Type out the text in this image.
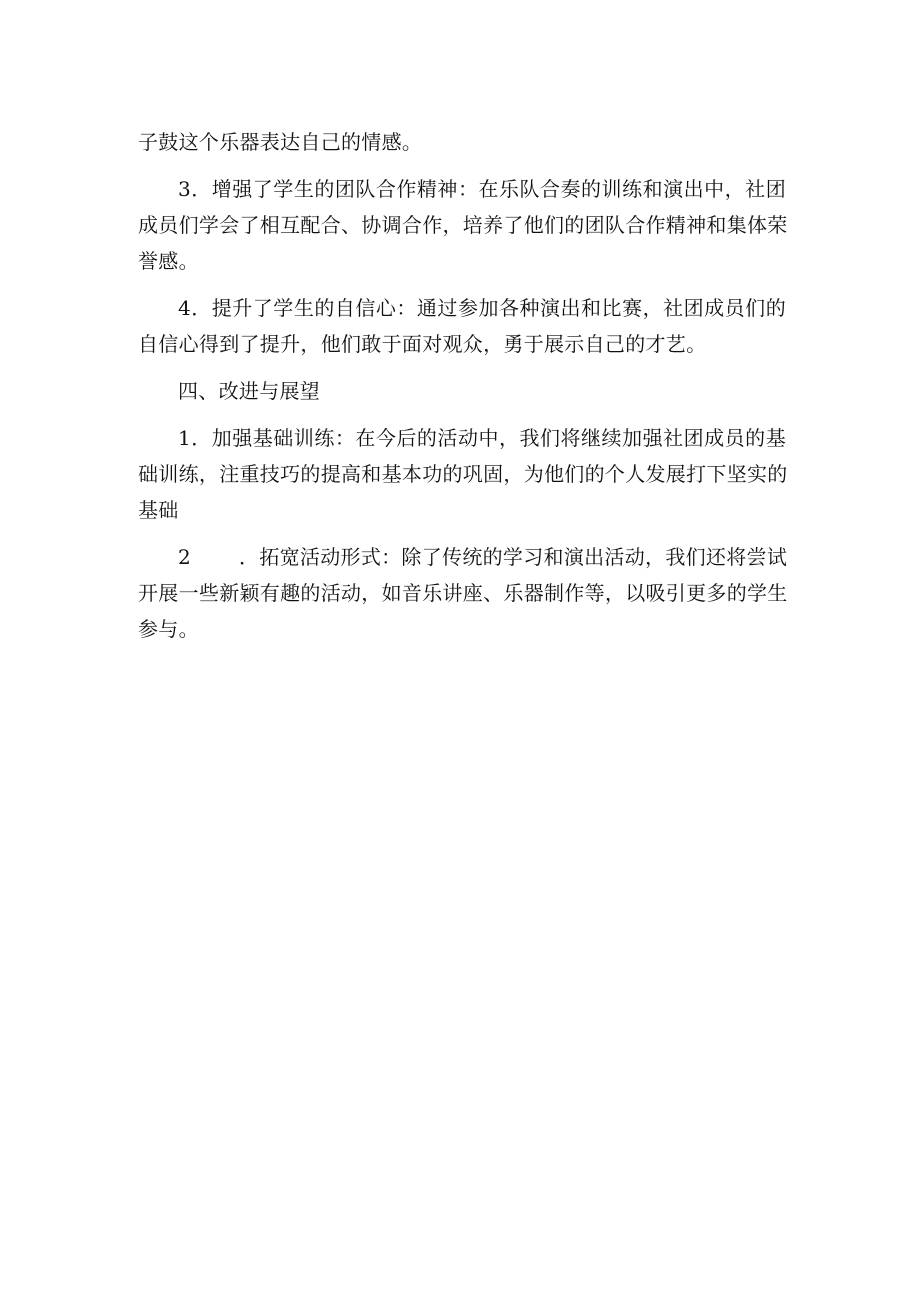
子鼓这个乐器表达自己的情感。
3．增强了学生的团队合作精神：在乐队合奏的训练和演出中，社团
成员们学会了相互配合、协调合作，培养了他们的团队合作精神和集体荣
誉感。
4．提升了学生的自信心：通过参加各种演出和比赛，社团成员们的
自信心得到了提升，他们敢于面对观众，勇于展示自己的才艺。
四、改进与展望
1．加强基础训练：在今后的活动中，我们将继续加强社团成员的基
础训练，注重技巧的提高和基本功的巩固，为他们的个人发展打下坚实的
基础
2 ．拓宽活动形式：除了传统的学习和演出活动，我们还将尝试
开展一些新颖有趣的活动，如音乐讲座、乐器制作等，以吸引更多的学生
参与。
